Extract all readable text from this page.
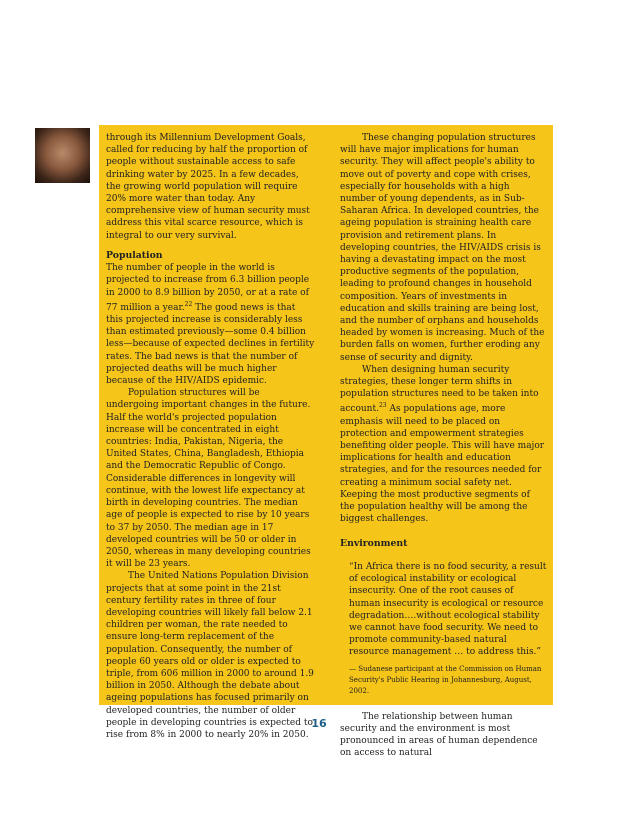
through its Millennium Development Goals, called for reducing by half the proportion of people without sustainable access to safe drinking water by 2025. In a few decades, the growing world population will require 20% more water than today. Any comprehensive view of human security must address this vital scarce resource, which is integral to our very survival.

Population

The number of people in the world is projected to increase from 6.3 billion people in 2000 to 8.9 billion by 2050, or at a rate of 77 million a year.$^{22}$ The good news is that this projected increase is considerably less than estimated previously—some 0.4 billion less—because of expected declines in fertility rates. The bad news is that the number of projected deaths will be much higher because of the HIV/AIDS epidemic.

Population structures will be undergoing important changes in the future. Half the world's projected population increase will be concentrated in eight countries: India, Pakistan, Nigeria, the United States, China, Bangladesh, Ethiopia and the Democratic Republic of Congo. Considerable differences in longevity will continue, with the lowest life expectancy at birth in developing countries. The median age of people is expected to rise by 10 years to 37 by 2050. The median age in 17 developed countries will be 50 or older in 2050, whereas in many developing countries it will be 23 years.

The United Nations Population Division projects that at some point in the 21st century fertility rates in three of four developing countries will likely fall below 2.1 children per woman, the rate needed to ensure long-term replacement of the population. Consequently, the number of people 60 years old or older is expected to triple, from 606 million in 2000 to around 1.9 billion in 2050. Although the debate about ageing populations has focused primarily on developed countries, the number of older people in developing countries is expected to rise from 8% in 2000 to nearly 20% in 2050.

These changing population structures will have major implications for human security. They will affect people's ability to move out of poverty and cope with crises, especially for households with a high number of young dependents, as in Sub-Saharan Africa. In developed countries, the ageing population is straining health care provision and retirement plans. In developing countries, the HIV/AIDS crisis is having a devastating impact on the most productive segments of the population, leading to profound changes in household composition. Years of investments in education and skills training are being lost, and the number of orphans and households headed by women is increasing. Much of the burden falls on women, further eroding any sense of security and dignity.

When designing human security strategies, these longer term shifts in population structures need to be taken into account.$^{23}$ As populations age, more emphasis will need to be placed on protection and empowerment strategies benefiting older people. This will have major implications for health and education strategies, and for the resources needed for creating a minimum social safety net. Keeping the most productive segments of the population healthy will be among the biggest challenges.

Environment

“In Africa there is no food security, a result of ecological instability or ecological insecurity. One of the root causes of human insecurity is ecological or resource degradation….without ecological stability we cannot have food security. We need to promote community-based natural resource management … to address this.”

— Sudanese participant at the Commission on Human Security's Public Hearing in Johannesburg, August, 2002.

The relationship between human security and the environment is most pronounced in areas of human dependence on access to natural

16
